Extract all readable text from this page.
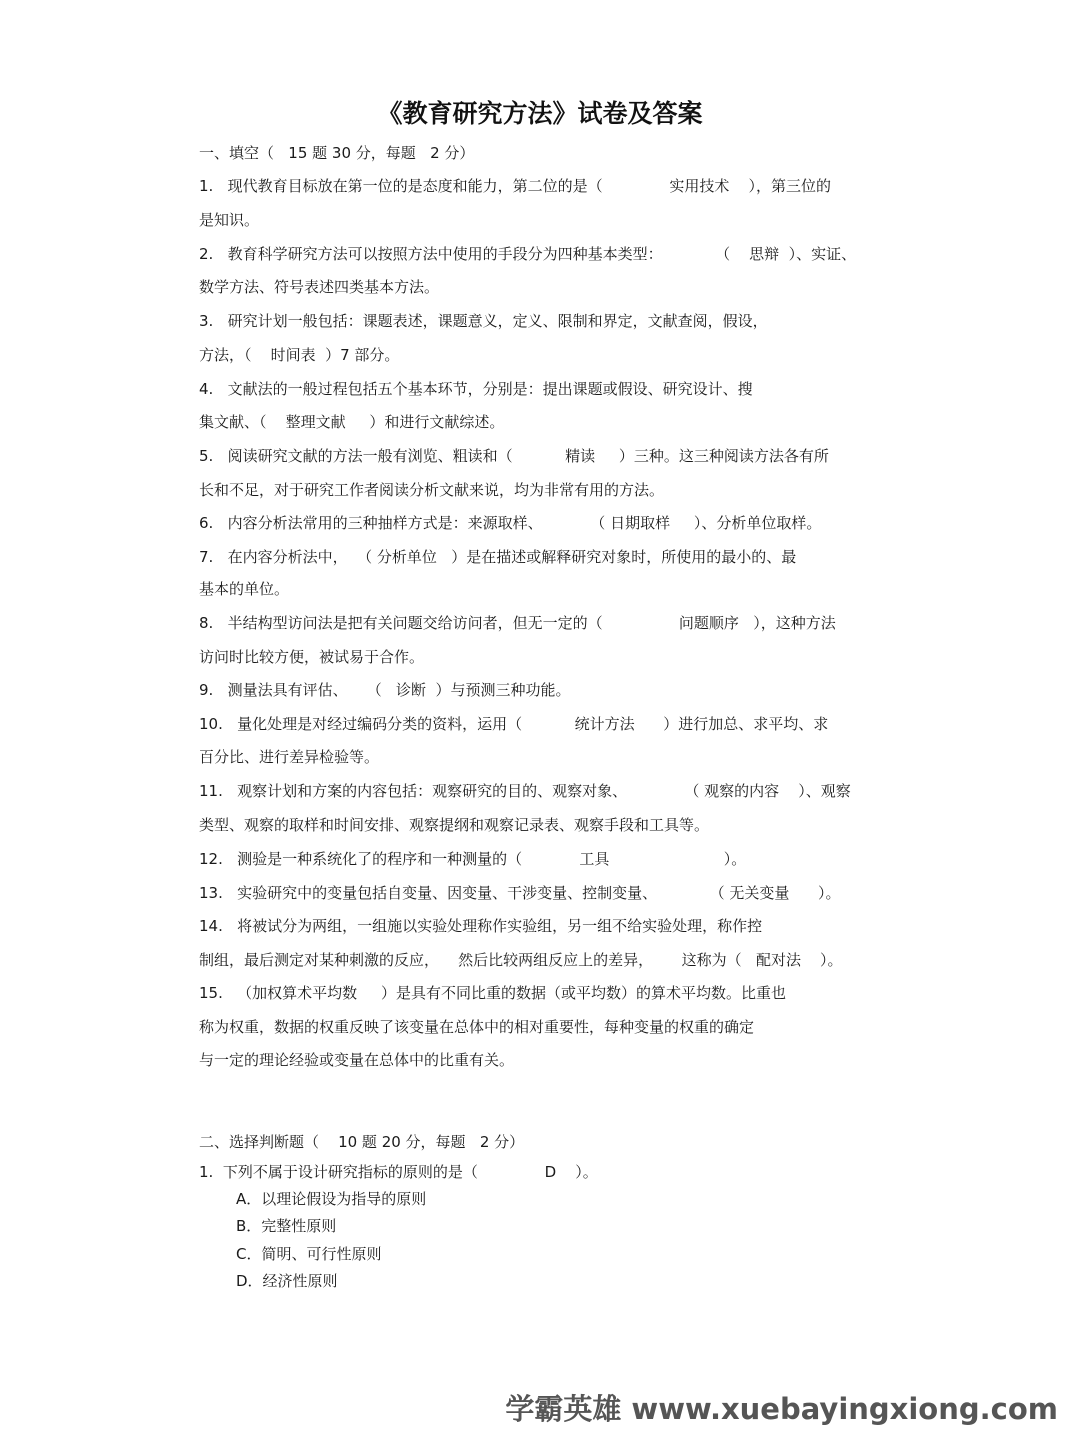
《教育研究方法》试卷及答案
一、填空（   15 题 30 分，每题   2 分）
1.   现代教育目标放在第一位的是态度和能力，第二位的是（              实用技术    ），第三位的
是知识。
2.   教育科学研究方法可以按照方法中使用的手段分为四种基本类型：           （    思辩  ）、实证、
数学方法、符号表述四类基本方法。
3.   研究计划一般包括：课题表述，课题意义，定义、限制和界定，文献查阅，假设，
方法，（    时间表  ）7 部分。
4.   文献法的一般过程包括五个基本环节，分别是：提出课题或假设、研究设计、搜
集文献、（    整理文献     ）和进行文献综述。
5.   阅读研究文献的方法一般有浏览、粗读和（           精读     ）三种。这三种阅读方法各有所
长和不足，对于研究工作者阅读分析文献来说，均为非常有用的方法。
6.   内容分析法常用的三种抽样方式是：来源取样、          （ 日期取样     ）、分析单位取样。
7.   在内容分析法中，  （ 分析单位   ）是在描述或解释研究对象时，所使用的最小的、最
基本的单位。
8.   半结构型访问法是把有关问题交给访问者，但无一定的（                问题顺序   ），这种方法
访问时比较方便，被试易于合作。
9.   测量法具有评估、    （   诊断  ）与预测三种功能。
10.   量化处理是对经过编码分类的资料，运用（           统计方法      ）进行加总、求平均、求
百分比、进行差异检验等。
11.   观察计划和方案的内容包括：观察研究的目的、观察对象、            （ 观察的内容    ）、观察
类型、观察的取样和时间安排、观察提纲和观察记录表、观察手段和工具等。
12.   测验是一种系统化了的程序和一种测量的（            工具                        ）。
13.   实验研究中的变量包括自变量、因变量、干涉变量、控制变量、           （ 无关变量      ）。
14.   将被试分为两组，一组施以实验处理称作实验组，另一组不给实验处理，称作控
制组，最后测定对某种刺激的反应，    然后比较两组反应上的差异，      这称为（   配对法    ）。
15.   （加权算术平均数     ）是具有不同比重的数据（或平均数）的算术平均数。比重也
称为权重，数据的权重反映了该变量在总体中的相对重要性，每种变量的权重的确定
与一定的理论经验或变量在总体中的比重有关。
二、选择判断题（    10 题 20 分，每题   2 分）
1.  下列不属于设计研究指标的原则的是（              D    ）。
A．以理论假设为指导的原则
B．完整性原则
C．简明、可行性原则
D．经济性原则
学霸英雄 www.xuebayingxiong.com
